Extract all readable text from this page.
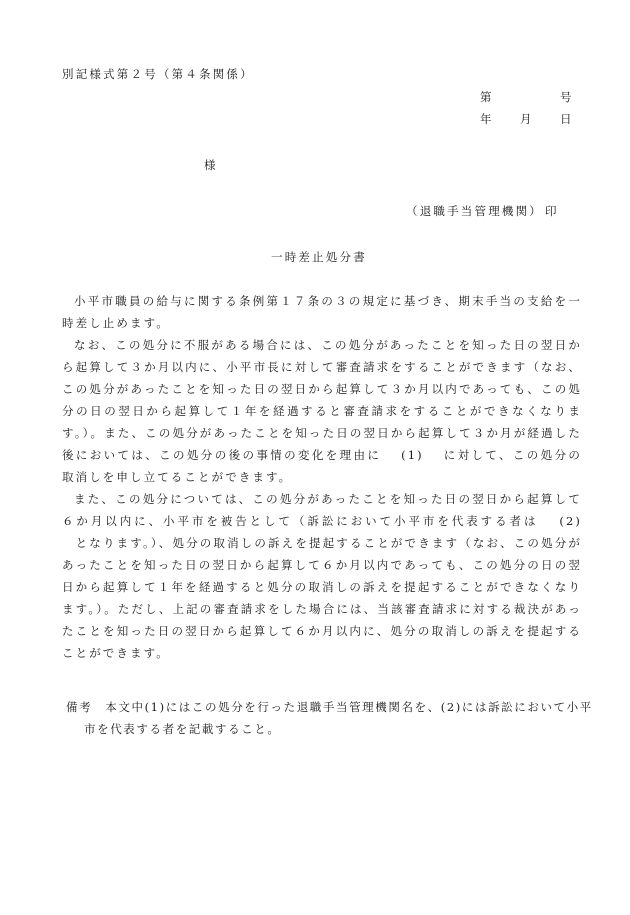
別記様式第２号（第４条関係）
第	号
年 月 日
様
（退職手当管理機関） 印
一時差止処分書

小平市職員の給与に関する条例第１７条の３の規定に基づき、期末手当の支給を一時差し止めます。

なお、この処分に不服がある場合には、この処分があったことを知った日の翌日から起算して３か月以内に、小平市長に対して審査請求をすることができます（なお、この処分があったことを知った日の翌日から起算して３か月以内であっても、この処分の日の翌日から起算して１年を経過すると審査請求をすることができなくなります。）。また、この処分があったことを知った日の翌日から起算して３か月が経過した後においては、この処分の後の事情の変化を理由に　 (1) 　に対して、この処分の取消しを申し立てることができます。

また、この処分については、この処分があったことを知った日の翌日から起算して６か月以内に、小平市を被告として（訴訟において小平市を代表する者は　 (2) 　となります。）、処分の取消しの訴えを提起することができます（なお、この処分があったことを知った日の翌日から起算して６か月以内であっても、この処分の日の翌日から起算して１年を経過すると処分の取消しの訴えを提起することができなくなります。）。ただし、上記の審査請求をした場合には、当該審査請求に対する裁決があったことを知った日の翌日から起算して６か月以内に、処分の取消しの訴えを提起することができます。

備考　本文中(1)にはこの処分を行った退職手当管理機関名を、(2)には訴訟において小平市を代表する者を記載すること。
